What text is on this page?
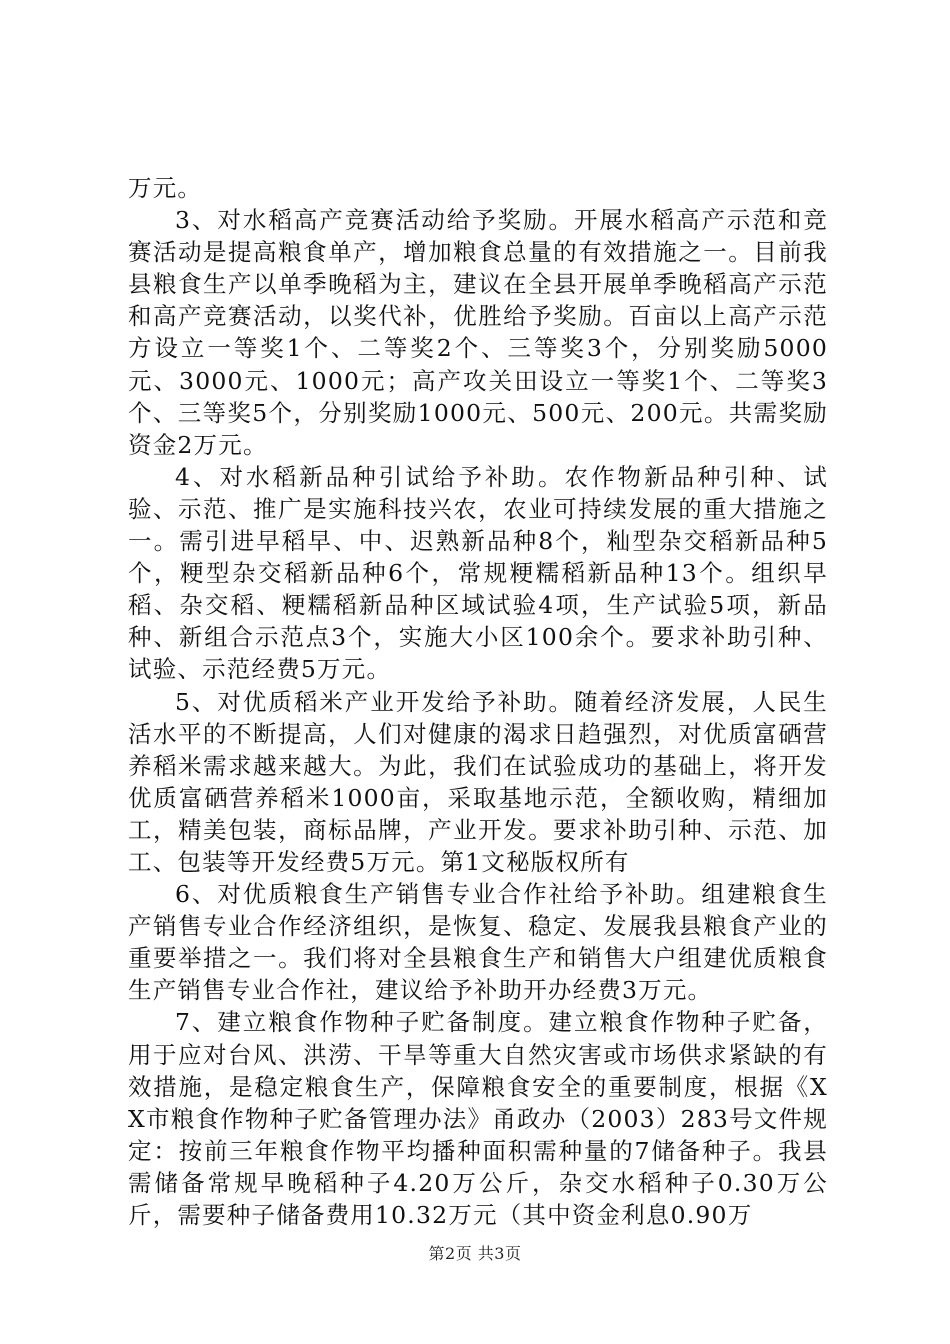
万元。

3、对水稻高产竞赛活动给予奖励。开展水稻高产示范和竞赛活动是提高粮食单产，增加粮食总量的有效措施之一。目前我县粮食生产以单季晚稻为主，建议在全县开展单季晚稻高产示范和高产竞赛活动，以奖代补，优胜给予奖励。百亩以上高产示范方设立一等奖1个、二等奖2个、三等奖3个，分别奖励5000元、3000元、1000元；高产攻关田设立一等奖1个、二等奖3个、三等奖5个，分别奖励1000元、500元、200元。共需奖励资金2万元。

4、对水稻新品种引试给予补助。农作物新品种引种、试验、示范、推广是实施科技兴农，农业可持续发展的重大措施之一。需引进早稻早、中、迟熟新品种8个，籼型杂交稻新品种5个，粳型杂交稻新品种6个，常规粳糯稻新品种13个。组织早稻、杂交稻、粳糯稻新品种区域试验4项，生产试验5项，新品种、新组合示范点3个，实施大小区100余个。要求补助引种、试验、示范经费5万元。

5、对优质稻米产业开发给予补助。随着经济发展，人民生活水平的不断提高，人们对健康的渴求日趋强烈，对优质富硒营养稻米需求越来越大。为此，我们在试验成功的基础上，将开发优质富硒营养稻米1000亩，采取基地示范，全额收购，精细加工，精美包装，商标品牌，产业开发。要求补助引种、示范、加工、包装等开发经费5万元。第1文秘版权所有

6、对优质粮食生产销售专业合作社给予补助。组建粮食生产销售专业合作经济组织，是恢复、稳定、发展我县粮食产业的重要举措之一。我们将对全县粮食生产和销售大户组建优质粮食生产销售专业合作社，建议给予补助开办经费3万元。

7、建立粮食作物种子贮备制度。建立粮食作物种子贮备，用于应对台风、洪涝、干旱等重大自然灾害或市场供求紧缺的有效措施，是稳定粮食生产，保障粮食安全的重要制度，根据《XX市粮食作物种子贮备管理办法》甬政办（2003）283号文件规定：按前三年粮食作物平均播种面积需种量的7储备种子。我县需储备常规早晚稻种子4.20万公斤，杂交水稻种子0.30万公斤，需要种子储备费用10.32万元（其中资金利息0.90万

第2页 共3页
